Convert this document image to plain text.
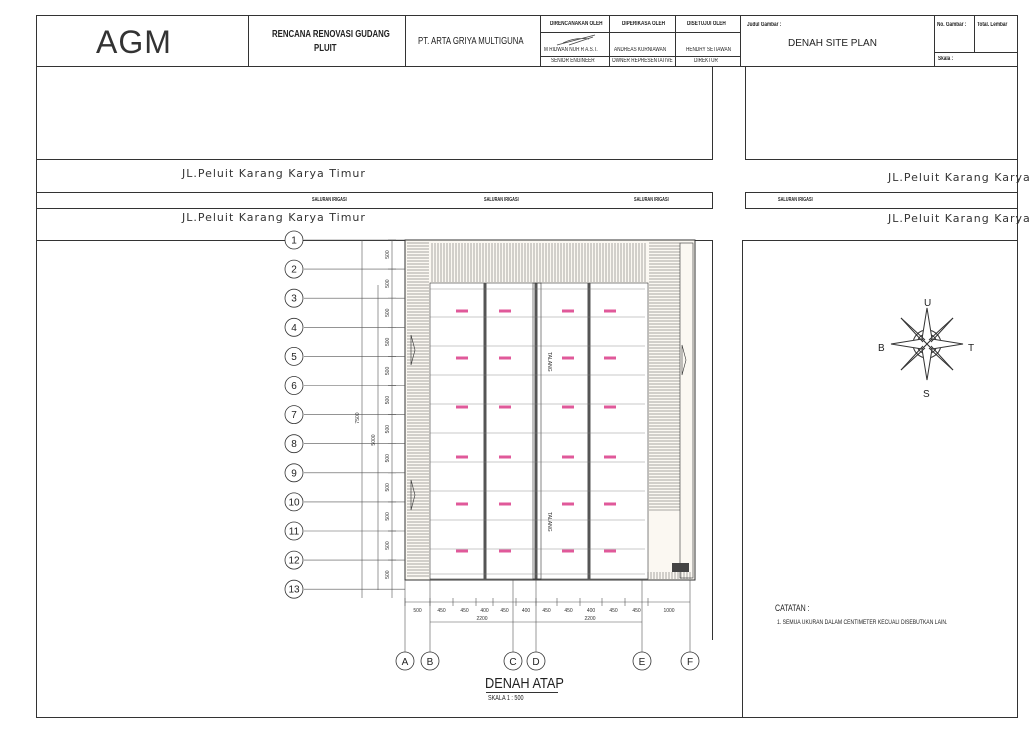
AGM	RENCANA RENOVASI GUDANG
PLUIT
PT. ARTA GRIYA MULTIGUNA
DIRENCANAKAN OLEH	DIPERIKASA OLEH	DISETUJUI OLEH
M RIDWAN NUR R A.S.T.	ANDREAS KURNIAWAN	HENDRY SETIAWAN
SENIOR ENGINEER	OWNER REPRESENTATIVE	DIREKTUR
Judul Gambar :
DENAH SITE PLAN
No. Gambar : Total. Lembar
Skala :
JL.Peluit Karang Karya Timur
JL.Peluit Karang Karya Timur
JL.Peluit Karang Karya
JL.Peluit Karang Karya
SALURAN IRIGASI	SALURAN IRIGASI	SALURAN IRIGASI	SALURAN IRIGASI
TALANG
TALANG
1
2
3
4
5
6
7
8
9
10
11
12
13
A B	C D	E	F
500	450	450 400 450	400 450	450	400	450	450	1000
2200	2200
500
500
500
500
500
500
500
500
500
500
500
500
5000
7500
DENAH ATAP
SKALA 1 : 500
U
S
T
B
CATATAN :
1. SEMUA UKURAN DALAM CENTIMETER KECUALI DISEBUTKAN LAIN.
